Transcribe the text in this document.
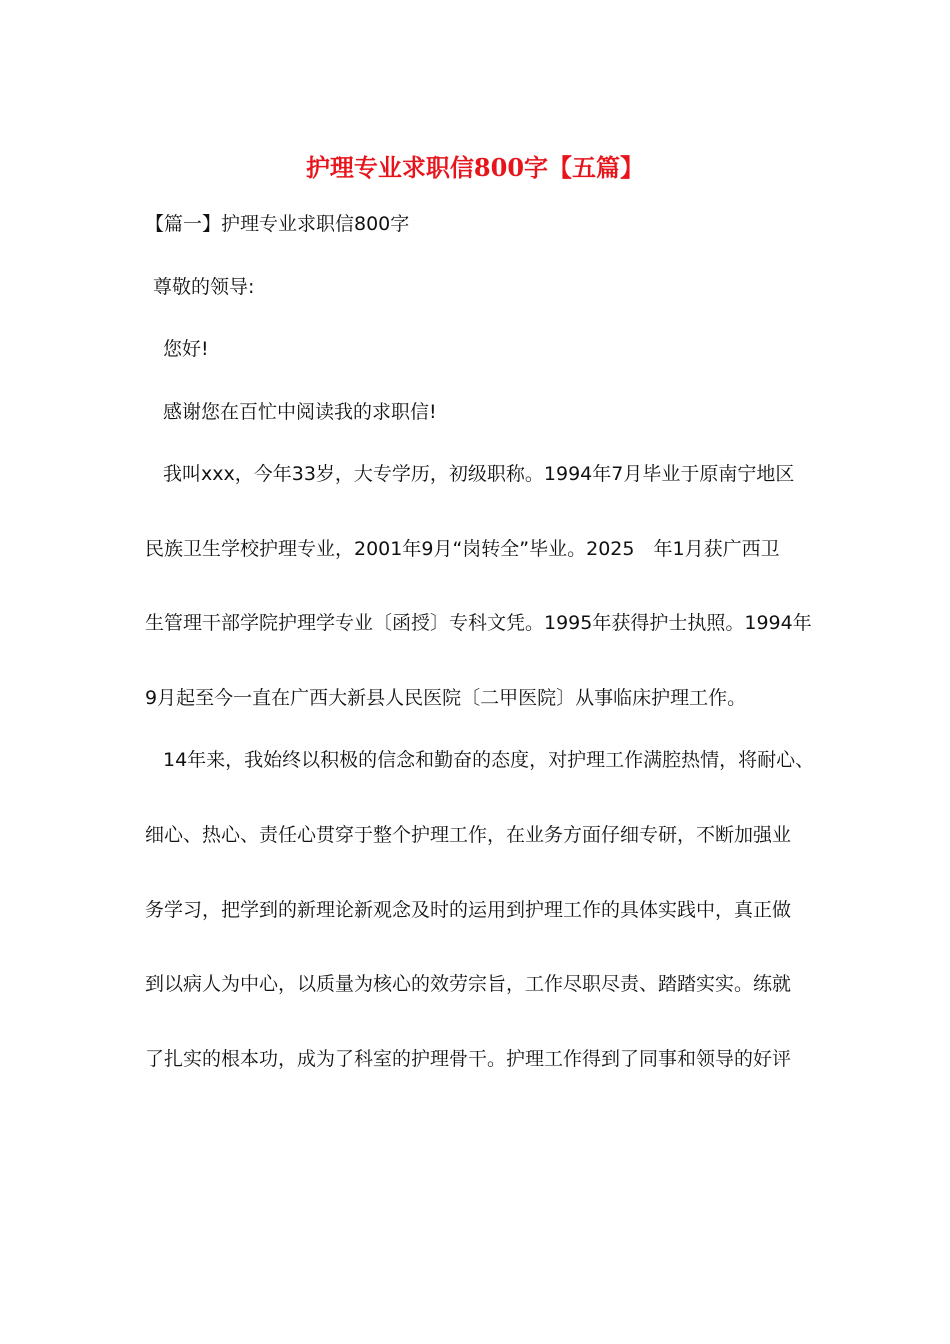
护理专业求职信800字【五篇】
【篇一】护理专业求职信800字
尊敬的领导:
您好!
感谢您在百忙中阅读我的求职信!
我叫xxx，今年33岁，大专学历，初级职称。1994年7月毕业于原南宁地区
民族卫生学校护理专业，2001年9月“岗转全”毕业。2025　年1月获广西卫
生管理干部学院护理学专业〔函授〕专科文凭。1995年获得护士执照。1994年
9月起至今一直在广西大新县人民医院〔二甲医院〕从事临床护理工作。
14年来，我始终以积极的信念和勤奋的态度，对护理工作满腔热情，将耐心、
细心、热心、责任心贯穿于整个护理工作，在业务方面仔细专研，不断加强业
务学习，把学到的新理论新观念及时的运用到护理工作的具体实践中，真正做
到以病人为中心，以质量为核心的效劳宗旨，工作尽职尽责、踏踏实实。练就
了扎实的根本功，成为了科室的护理骨干。护理工作得到了同事和领导的好评
